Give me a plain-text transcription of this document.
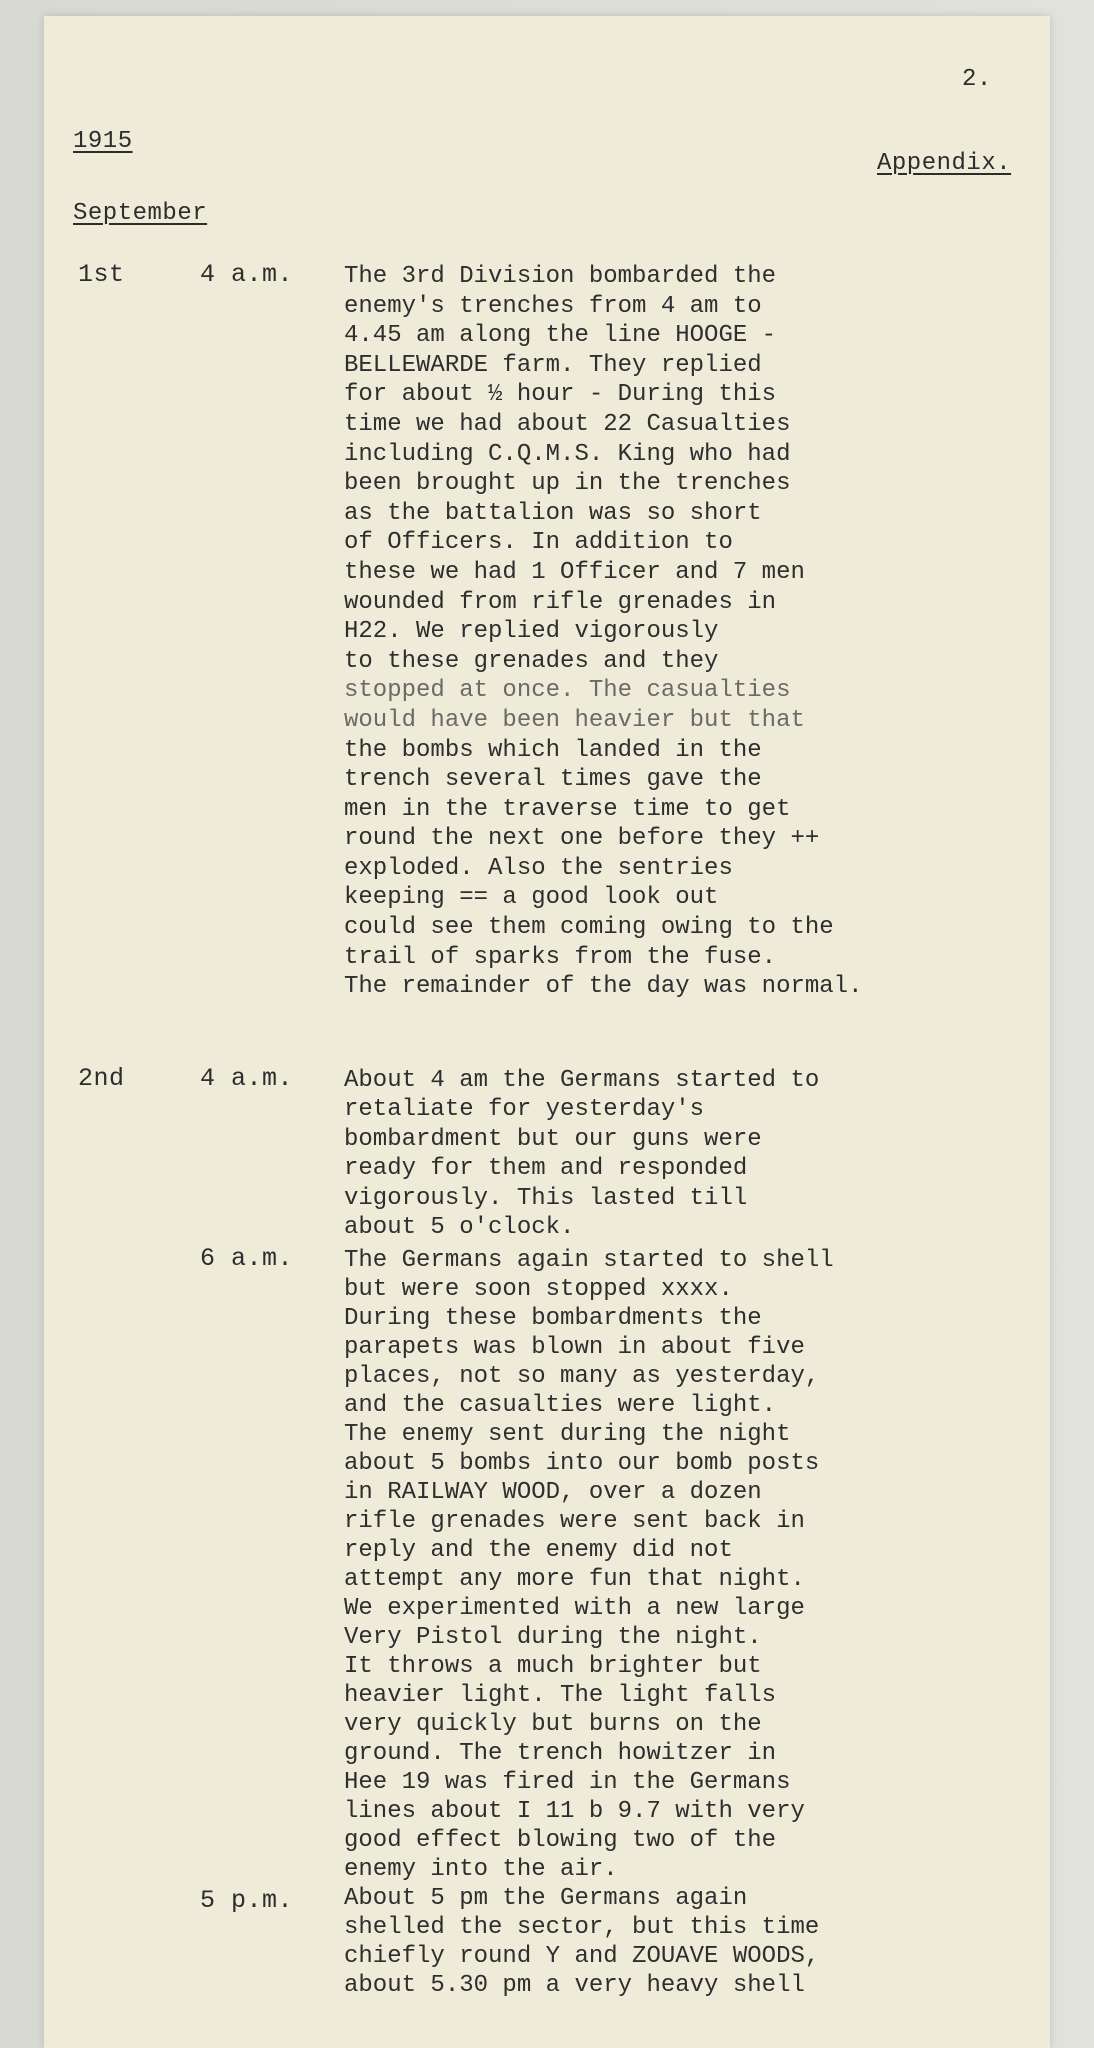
2.
1915
Appendix.
September
1st	4 a.m. The 3rd Division bombarded the
enemy's trenches from 4 am to
4.45 am along the line HOOGE -
BELLEWARDE farm. They replied
for about ½ hour - During this
time we had about 22 Casualties
including C.Q.M.S. King who had
been brought up in the trenches
as the battalion was so short
of Officers. In addition to
these we had 1 Officer and 7 men
wounded from rifle grenades in
H22. We replied vigorously
to these grenades and they
stopped at once. The casualties
would have been heavier but that
the bombs which landed in the
trench several times gave the
men in the traverse time to get
round the next one before they ++
exploded. Also the sentries
keeping == a good look out
could see them coming owing to the
trail of sparks from the fuse.
The remainder of the day was normal.
2nd	4 a.m. About 4 am the Germans started to
retaliate for yesterday's
bombardment but our guns were
ready for them and responded
vigorously. This lasted till
about 5 o'clock.
6 a.m. The Germans again started to shell
but were soon stopped xxxx.
During these bombardments the
parapets was blown in about five
places, not so many as yesterday,
and the casualties were light.
The enemy sent during the night
about 5 bombs into our bomb posts
in RAILWAY WOOD, over a dozen
rifle grenades were sent back in
reply and the enemy did not
attempt any more fun that night.
We experimented with a new large
Very Pistol during the night.
It throws a much brighter but
heavier light. The light falls
very quickly but burns on the
ground. The trench howitzer in
Hee 19 was fired in the Germans
lines about I 11 b 9.7 with very
good effect blowing two of the
enemy into the air.
5 p.m. About 5 pm the Germans again
shelled the sector, but this time
chiefly round Y and ZOUAVE WOODS,
about 5.30 pm a very heavy shell
